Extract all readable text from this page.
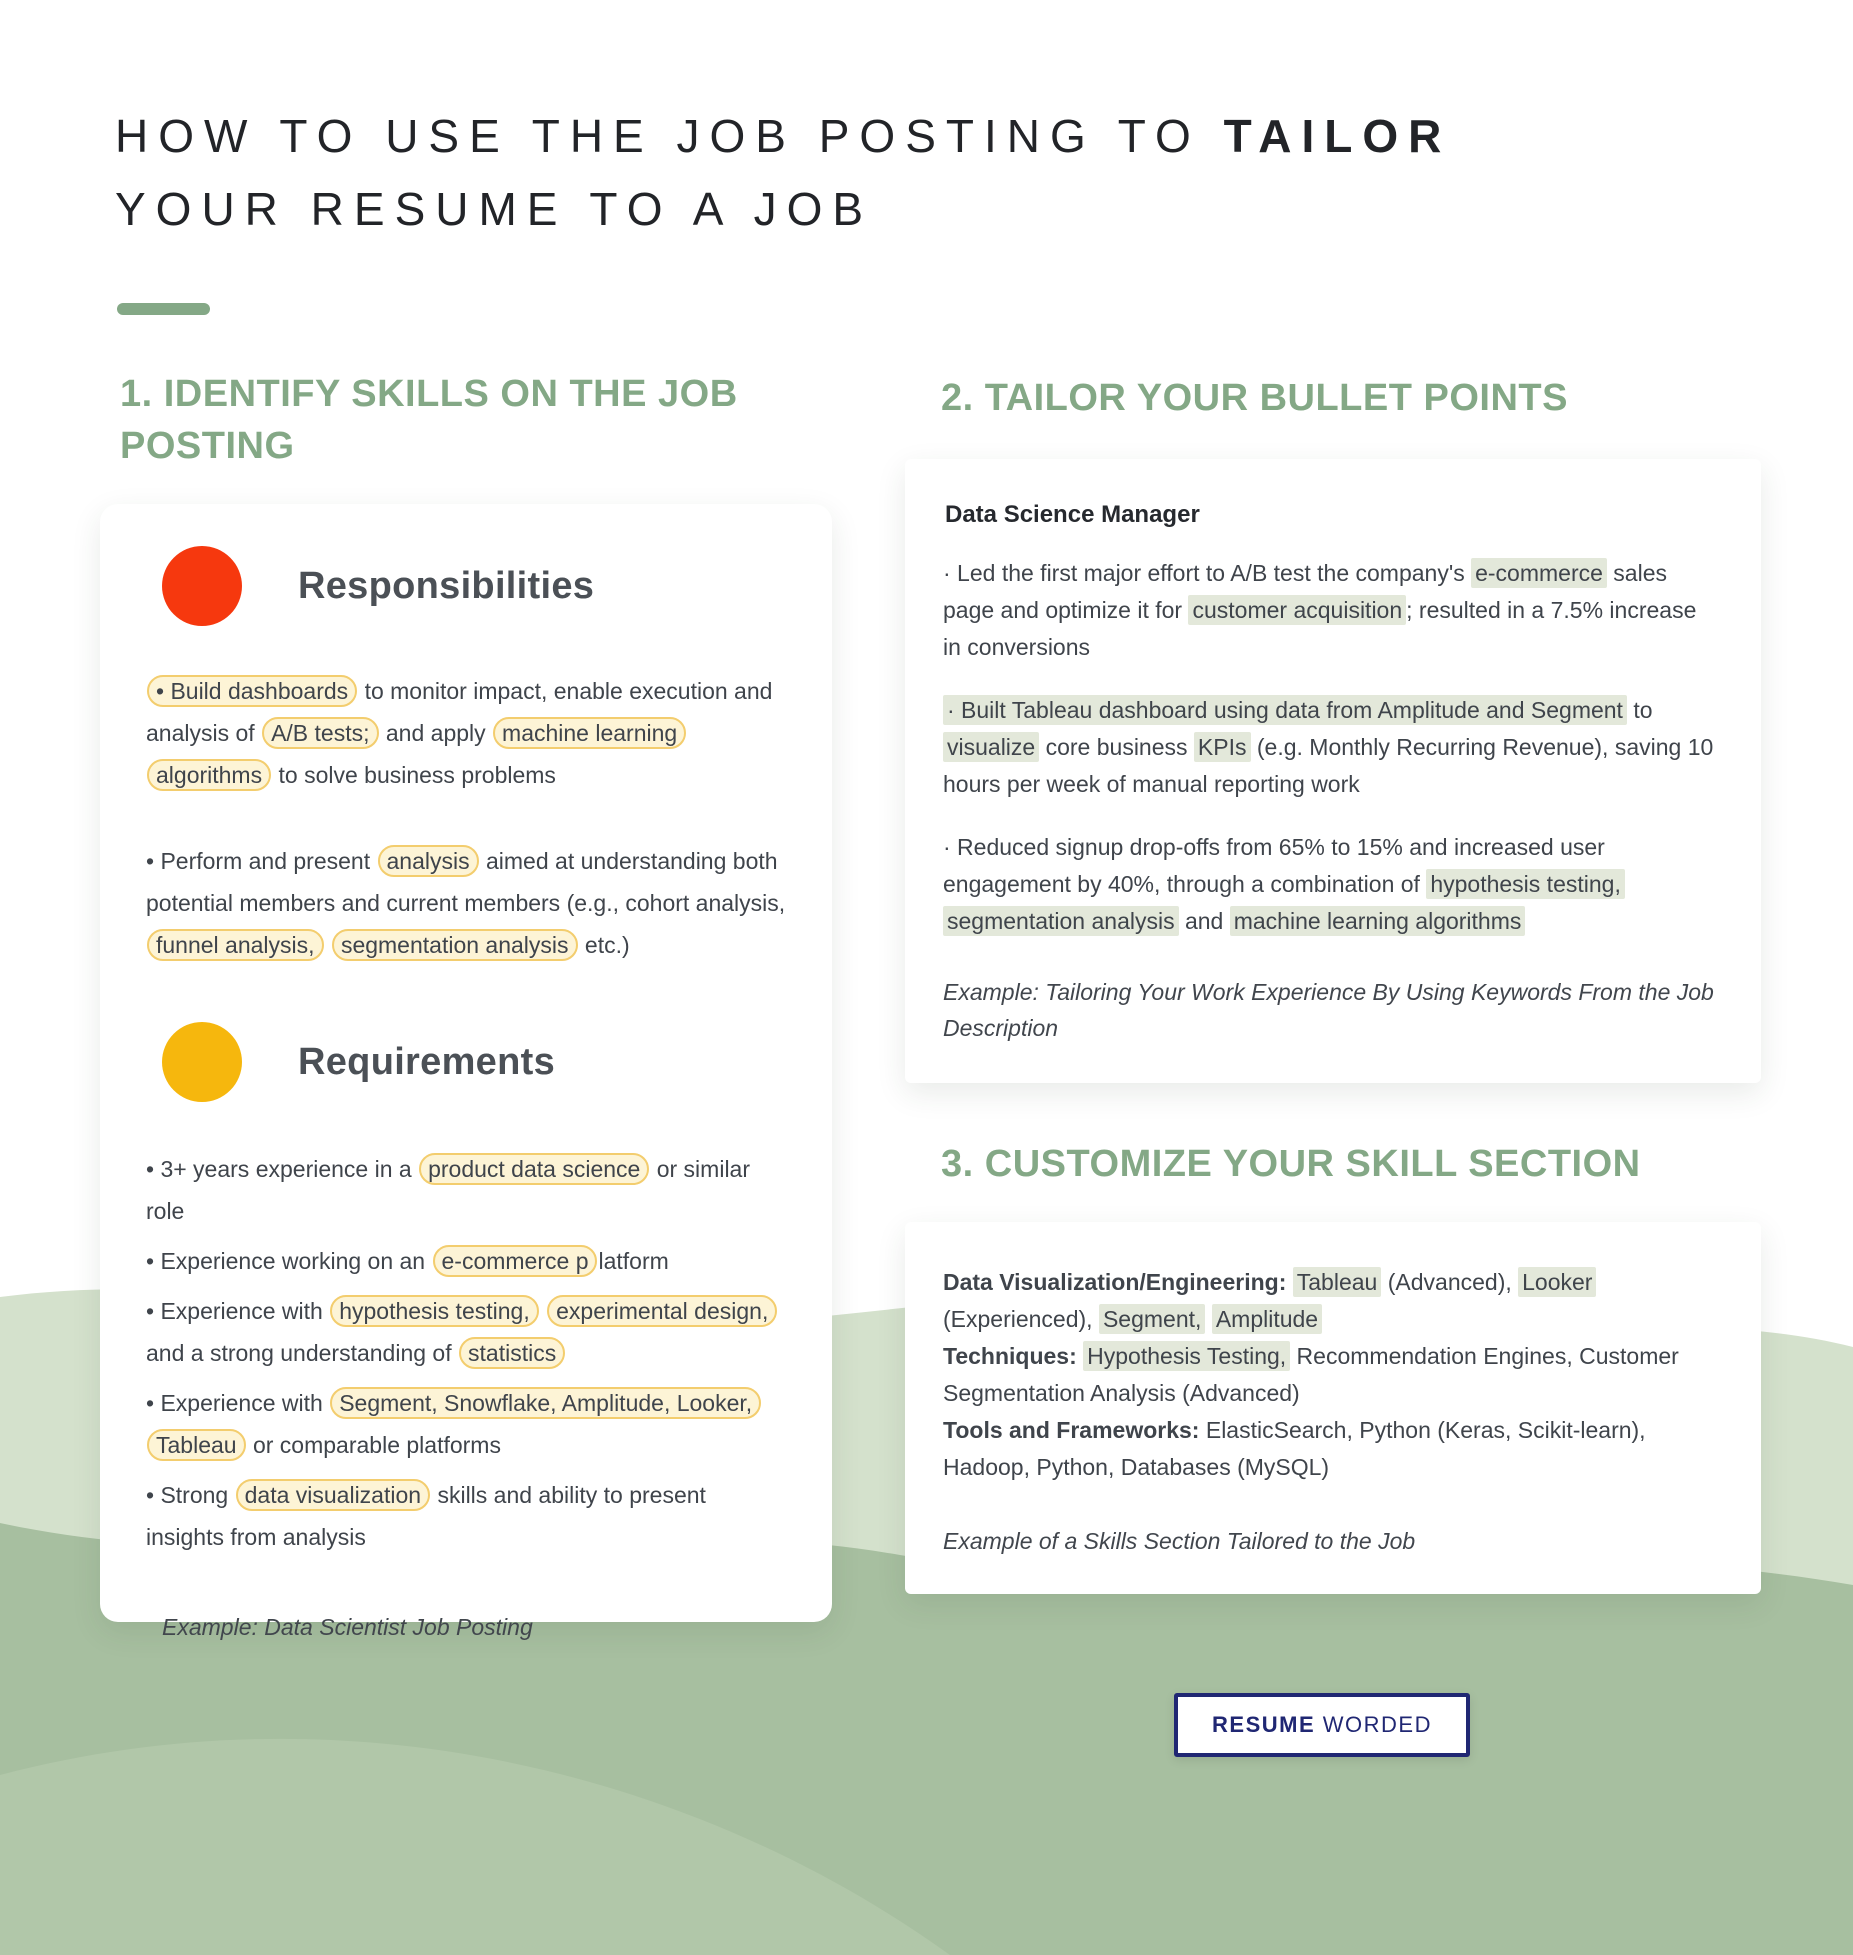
HOW TO USE THE JOB POSTING TO TAILOR
YOUR RESUME TO A JOB
1. IDENTIFY SKILLS ON THE JOB POSTING
Responsibilities

• Build dashboards to monitor impact, enable execution and analysis of A/B tests; and apply machine learning algorithms to solve business problems

• Perform and present analysis aimed at understanding both potential members and current members (e.g., cohort analysis, funnel analysis, segmentation analysis etc.)

Requirements

• 3+ years experience in a product data science or similar role

• Experience working on an e-commerce p latform

• Experience with hypothesis testing, experimental design, and a strong understanding of statistics

• Experience with Segment, Snowflake, Amplitude, Looker, Tableau or comparable platforms

• Strong data visualization skills and ability to present insights from analysis

Example: Data Scientist Job Posting
2. TAILOR YOUR BULLET POINTS

Data Science Manager

· Led the first major effort to A/B test the company's e-commerce sales page and optimize it for customer acquisition ; resulted in a 7.5% increase in conversions

· Built Tableau dashboard using data from Amplitude and Segment to visualize core business KPIs (e.g. Monthly Recurring Revenue), saving 10 hours per week of manual reporting work

· Reduced signup drop-offs from 65% to 15% and increased user engagement by 40%, through a combination of hypothesis testing, segmentation analysis and machine learning algorithms

Example: Tailoring Your Work Experience By Using Keywords From the Job Description
3. CUSTOMIZE YOUR SKILL SECTION

Data Visualization/Engineering: Tableau (Advanced), Looker (Experienced), Segment, Amplitude

Techniques: Hypothesis Testing, Recommendation Engines, Customer Segmentation Analysis (Advanced)

Tools and Frameworks: ElasticSearch, Python (Keras, Scikit-learn), Hadoop, Python, Databases (MySQL)

Example of a Skills Section Tailored to the Job
RESUME WORDED
